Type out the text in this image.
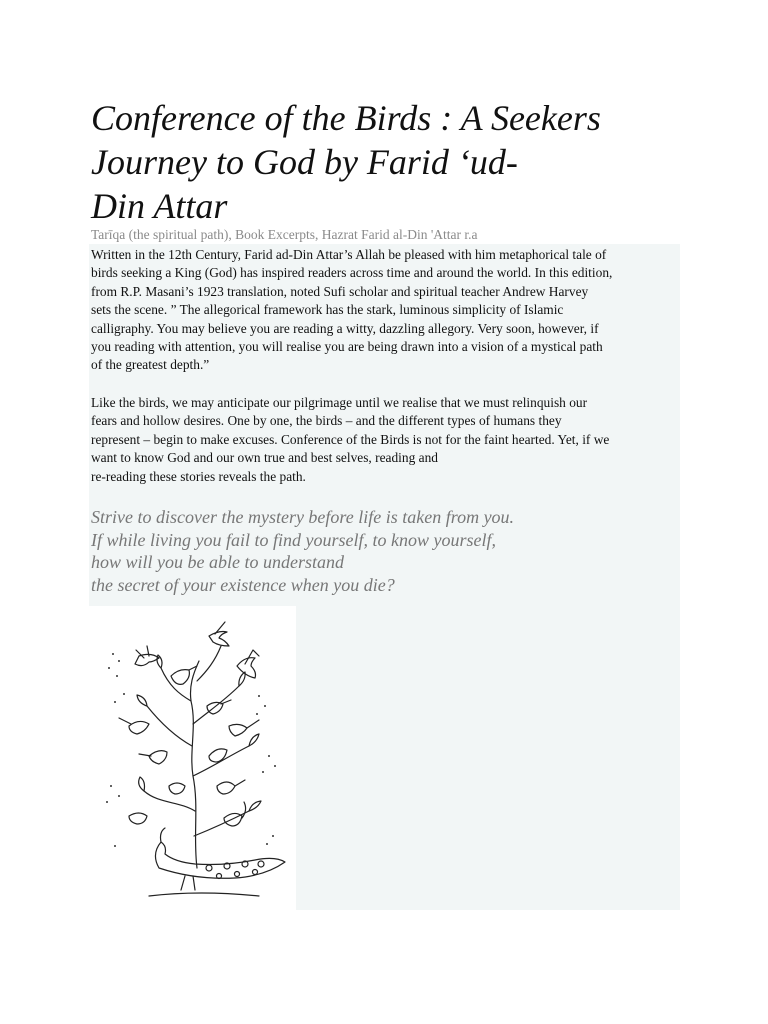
Conference of the Birds : A Seekers
Journey to God by Farid ‘ud-
Din Attar
Tarīqa (the spiritual path), Book Excerpts, Hazrat Farid al-Din 'Attar r.a

Written in the 12th Century, Farid ad-Din Attar’s Allah be pleased with him metaphorical tale of
birds seeking a King (God) has inspired readers across time and around the world. In this edition,
from R.P. Masani’s 1923 translation, noted Sufi scholar and spiritual teacher Andrew Harvey
sets the scene. ” The allegorical framework has the stark, luminous simplicity of Islamic
calligraphy. You may believe you are reading a witty, dazzling allegory. Very soon, however, if
you reading with attention, you will realise you are being drawn into a vision of a mystical path
of the greatest depth.”

Like the birds, we may anticipate our pilgrimage until we realise that we must relinquish our
fears and hollow desires. One by one, the birds – and the different types of humans they
represent – begin to make excuses. Conference of the Birds is not for the faint hearted. Yet, if we
want to know God and our own true and best selves, reading and
re-reading these stories reveals the path.

Strive to discover the mystery before life is taken from you.
If while living you fail to find yourself, to know yourself,
how will you be able to understand
the secret of your existence when you die?
